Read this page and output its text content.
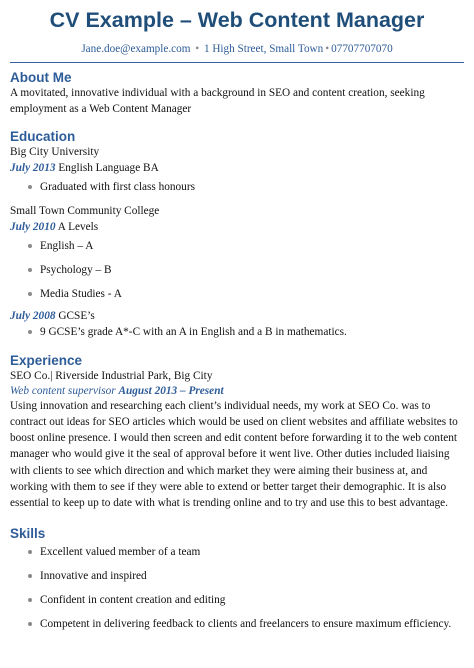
CV Example – Web Content Manager
Jane.doe@example.com • 1 High Street, Small Town • 07707707070
About Me

A movitated, innovative individual with a background in SEO and content creation, seeking employment as a Web Content Manager

Education
Big City University
July 2013 English Language BA
Graduated with first class honours
Small Town Community College
July 2010 A Levels
English – A
Psychology – B
Media Studies - A
July 2008 GCSE’s
9 GCSE’s grade A*-C with an A in English and a B in mathematics.
Experience
SEO Co.| Riverside Industrial Park, Big City
Web content supervisor August 2013 – Present

Using innovation and researching each client’s individual needs, my work at SEO Co. was to contract out ideas for SEO articles which would be used on client websites and affiliate websites to boost online presence. I would then screen and edit content before forwarding it to the web content manager who would give it the seal of approval before it went live. Other duties included liaising with clients to see which direction and which market they were aiming their business at, and working with them to see if they were able to extend or better target their demographic. It is also essential to keep up to date with what is trending online and to try and use this to best advantage.

Skills
Excellent valued member of a team
Innovative and inspired
Confident in content creation and editing
Competent in delivering feedback to clients and freelancers to ensure maximum efficiency.
